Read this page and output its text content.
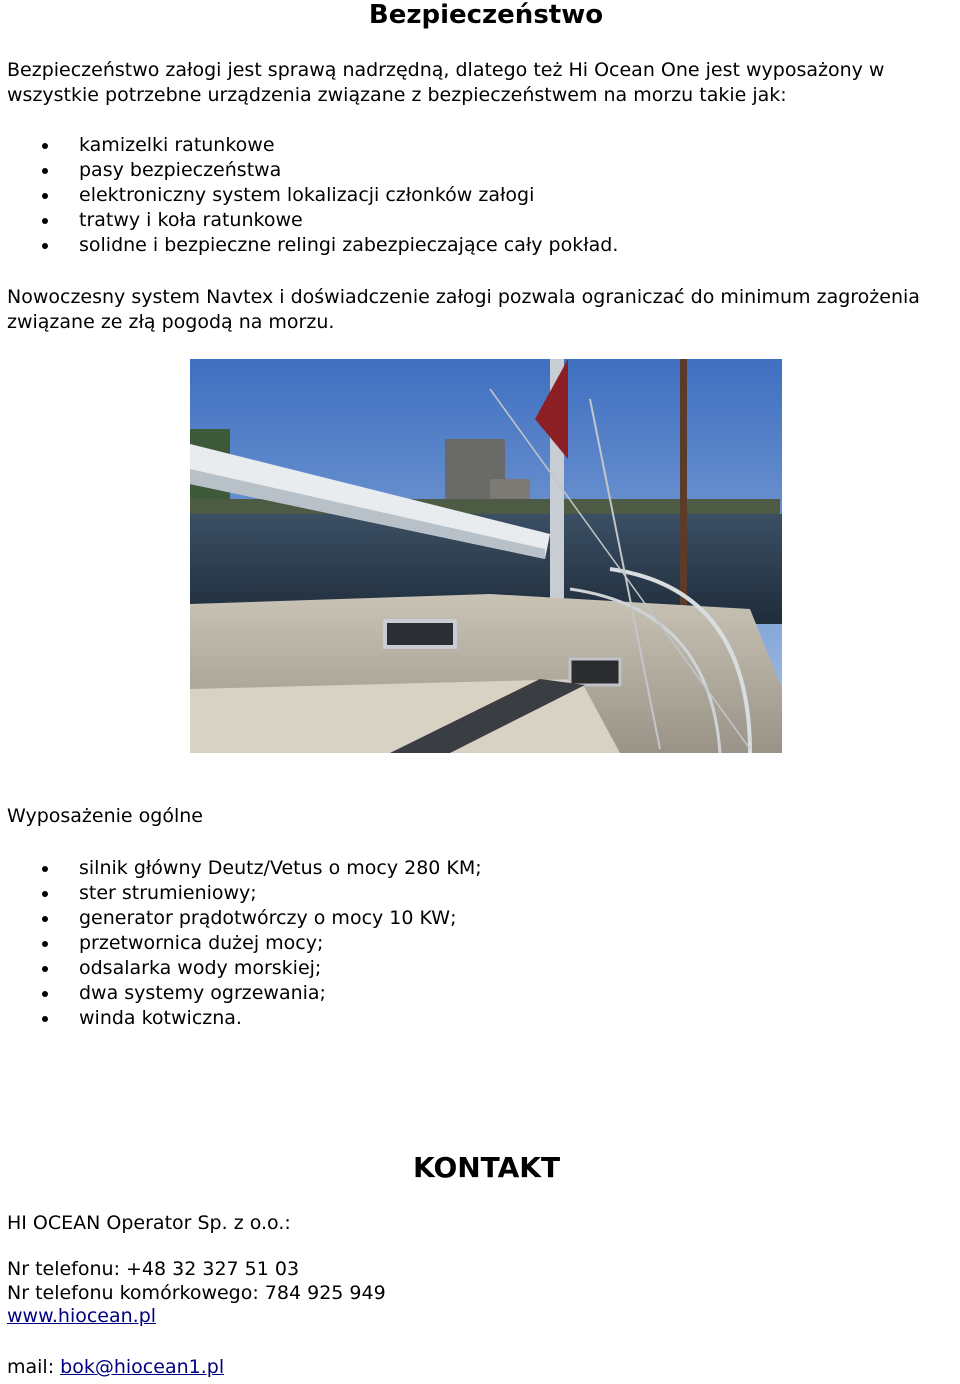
Bezpieczeństwo
Bezpieczeństwo załogi jest sprawą nadrzędną, dlatego też Hi Ocean One jest wyposażony w
wszystkie potrzebne urządzenia związane z bezpieczeństwem na morzu takie jak:
kamizelki ratunkowe
pasy bezpieczeństwa
elektroniczny system lokalizacji członków załogi
tratwy i koła ratunkowe
solidne i bezpieczne relingi zabezpieczające cały pokład.
Nowoczesny system Navtex i doświadczenie załogi pozwala ograniczać do minimum zagrożenia
związane ze złą pogodą na morzu.
Wyposażenie ogólne
silnik główny Deutz/Vetus o mocy 280 KM;
ster strumieniowy;
generator prądotwórczy o mocy 10 KW;
przetwornica dużej mocy;
odsalarka wody morskiej;
dwa systemy ogrzewania;
winda kotwiczna.
KONTAKT
HI OCEAN Operator Sp. z o.o.:
Nr telefonu: +48 32 327 51 03
Nr telefonu komórkowego: 784 925 949
www.hiocean.pl
mail: bok@hiocean1.pl
